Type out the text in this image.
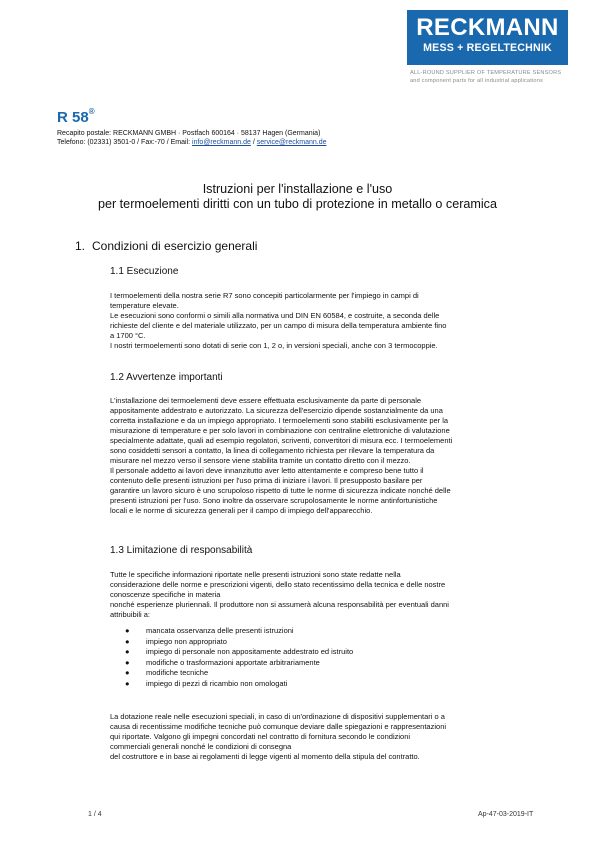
RECKMANN
MESS + REGELTECHNIK
ALL-ROUND SUPPLIER OF TEMPERATURE SENSORS
and component parts for all industrial applications
R 58®
Recapito postale: RECKMANN GMBH · Postfach 600164 · 58137 Hagen (Germania)
Telefono: (02331) 3501-0 / Fax:-70 / Email: info@reckmann.de / service@reckmann.de
Istruzioni per l'installazione e l'uso
per termoelementi diritti con un tubo di protezione in metallo o ceramica
1. Condizioni di esercizio generali
1.1 Esecuzione
I termoelementi della nostra serie R7 sono concepiti particolarmente per l'impiego in campi di
temperature elevate.
Le esecuzioni sono conformi o simili alla normativa und DIN EN 60584, e costruite, a seconda delle
richieste del cliente e del materiale utilizzato, per un campo di misura della temperatura ambiente fino
a 1700 °C.
I nostri termoelementi sono dotati di serie con 1, 2 o, in versioni speciali, anche con 3 termocoppie.
1.2 Avvertenze importanti
L'installazione dei termoelementi deve essere effettuata esclusivamente da parte di personale
appositamente addestrato e autorizzato. La sicurezza dell'esercizio dipende sostanzialmente da una
corretta installazione e da un impiego appropriato. I termoelementi sono stabiliti esclusivamente per la
misurazione di temperature e per solo lavori in combinazione con centraline elettroniche di valutazione
specialmente adattate, quali ad esempio regolatori, scriventi, convertitori di misura ecc. I termoelementi
sono cosiddetti sensori a contatto, la linea di collegamento richiesta per rilevare la temperatura da
misurare nel mezzo verso il sensore viene stabilita tramite un contatto diretto con il mezzo.
Il personale addetto ai lavori deve innanzitutto aver letto attentamente e compreso bene tutto il
contenuto delle presenti istruzioni per l'uso prima di iniziare i lavori. Il presupposto basilare per
garantire un lavoro sicuro è uno scrupoloso rispetto di tutte le norme di sicurezza indicate nonché delle
presenti istruzioni per l'uso. Sono inoltre da osservare scrupolosamente le norme antinfortunistiche
locali e le norme di sicurezza generali per il campo di impiego dell'apparecchio.
1.3 Limitazione di responsabilità
Tutte le specifiche informazioni riportate nelle presenti istruzioni sono state redatte nella
considerazione delle norme e prescrizioni vigenti, dello stato recentissimo della tecnica e delle nostre
conoscenze specifiche in materia
nonché esperienze pluriennali. Il produttore non si assumerà alcuna responsabilità per eventuali danni
attribuibili a:
● mancata osservanza delle presenti istruzioni
● impiego non appropriato
● impiego di personale non appositamente addestrato ed istruito
● modifiche o trasformazioni apportate arbitrariamente
● modifiche tecniche
● impiego di pezzi di ricambio non omologati
La dotazione reale nelle esecuzioni speciali, in caso di un'ordinazione di dispositivi supplementari o a
causa di recentissime modifiche tecniche può comunque deviare dalle spiegazioni e rappresentazioni
qui riportate. Valgono gli impegni concordati nel contratto di fornitura secondo le condizioni
commerciali generali nonché le condizioni di consegna
del costruttore e in base ai regolamenti di legge vigenti al momento della stipula del contratto.
1 / 4	Ap-47-03-2019-IT
